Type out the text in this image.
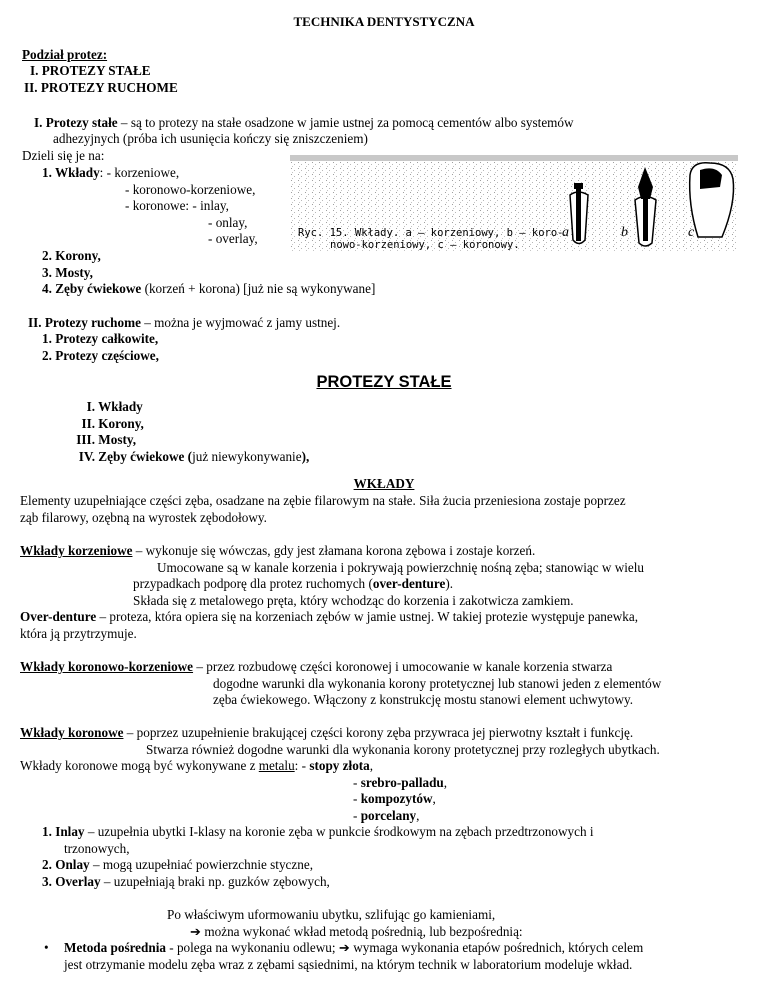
TECHNIKA DENTYSTYCZNA
Podział protez:
I. PROTEZY STAŁE
II. PROTEZY RUCHOME
I. Protezy stałe – są to protezy na stałe osadzone w jamie ustnej za pomocą cementów albo systemów
adhezyjnych (próba ich usunięcia kończy się zniszczeniem)
Dzieli się je na:
1. Wkłady: - korzeniowe,
- koronowo-korzeniowe,
- koronowe: - inlay,
- onlay,
- overlay,
2. Korony,
3. Mosty,
4. Zęby ćwiekowe (korzeń + korona) [już nie są wykonywane]
Ryc. 15. Wkłady. a — korzeniowy, b — koro-
nowo-korzeniowy, c — koronowy.
a	b	c
II. Protezy ruchome – można je wyjmować z jamy ustnej.
1. Protezy całkowite,
2. Protezy częściowe,
PROTEZY STAŁE
I. Wkłady
II. Korony,
III. Mosty,
IV. Zęby ćwiekowe (już niewykonywanie),
WKŁADY
Elementy uzupełniające części zęba, osadzane na zębie filarowym na stałe. Siła żucia przeniesiona zostaje poprzez
ząb filarowy, ozębną na wyrostek zębodołowy.
Wkłady korzeniowe – wykonuje się wówczas, gdy jest złamana korona zębowa i zostaje korzeń.
Umocowane są w kanale korzenia i pokrywają powierzchnię nośną zęba; stanowiąc w wielu
przypadkach podporę dla protez ruchomych (over-denture).
Składa się z metalowego pręta, który wchodząc do korzenia i zakotwicza zamkiem.
Over-denture – proteza, która opiera się na korzeniach zębów w jamie ustnej. W takiej protezie występuje panewka,
która ją przytrzymuje.
Wkłady koronowo-korzeniowe – przez rozbudowę części koronowej i umocowanie w kanale korzenia stwarza
dogodne warunki dla wykonania korony protetycznej lub stanowi jeden z elementów
zęba ćwiekowego. Włączony z konstrukcję mostu stanowi element uchwytowy.
Wkłady koronowe – poprzez uzupełnienie brakującej części korony zęba przywraca jej pierwotny kształt i funkcję.
Stwarza również dogodne warunki dla wykonania korony protetycznej przy rozległych ubytkach.
Wkłady koronowe mogą być wykonywane z metalu: - stopy złota,
- srebro-palladu,
- kompozytów,
- porcelany,
1. Inlay – uzupełnia ubytki I-klasy na koronie zęba w punkcie środkowym na zębach przedtrzonowych i
trzonowych,
2. Onlay – mogą uzupełniać powierzchnie styczne,
3. Overlay – uzupełniają braki np. guzków zębowych,
Po właściwym uformowaniu ubytku, szlifując go kamieniami,
➔ można wykonać wkład metodą pośrednią, lub bezpośrednią:
• Metoda pośrednia - polega na wykonaniu odlewu; ➔ wymaga wykonania etapów pośrednich, których celem
jest otrzymanie modelu zęba wraz z zębami sąsiednimi, na którym technik w laboratorium modeluje wkład.
